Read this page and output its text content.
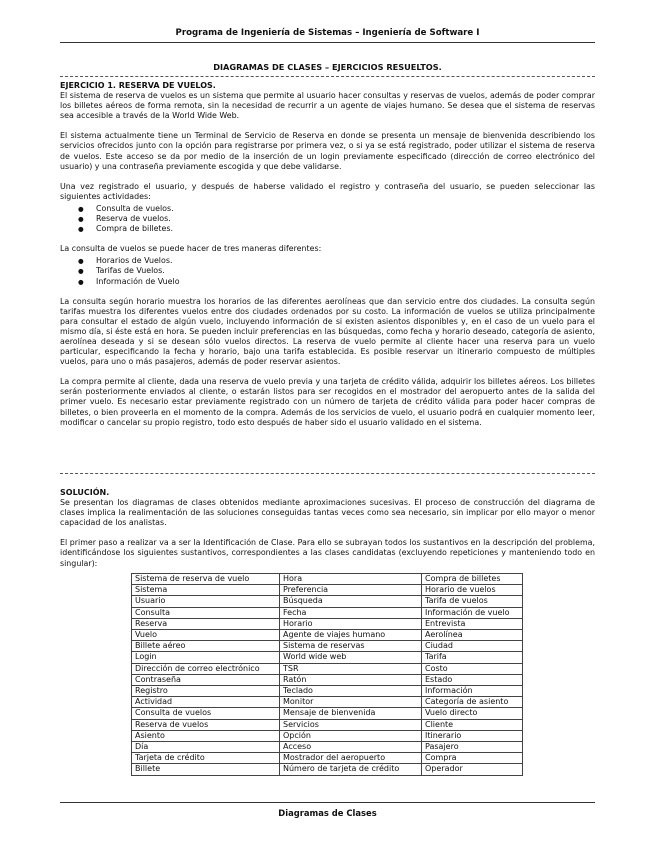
Programa de Ingeniería de Sistemas – Ingeniería de Software I
DIAGRAMAS DE CLASES – EJERCICIOS RESUELTOS.
EJERCICIO 1. RESERVA DE VUELOS.

El sistema de reserva de vuelos es un sistema que permite al usuario hacer consultas y reservas de vuelos, además de poder comprar los billetes aéreos de forma remota, sin la necesidad de recurrir a un agente de viajes humano. Se desea que el sistema de reservas sea accesible a través de la World Wide Web.

El sistema actualmente tiene un Terminal de Servicio de Reserva en donde se presenta un mensaje de bienvenida describiendo los servicios ofrecidos junto con la opción para registrarse por primera vez, o si ya se está registrado, poder utilizar el sistema de reserva de vuelos. Este acceso se da por medio de la inserción de un login previamente especificado (dirección de correo electrónico del usuario) y una contraseña previamente escogida y que debe validarse.

Una vez registrado el usuario, y después de haberse validado el registro y contraseña del usuario, se pueden seleccionar las siguientes actividades:

● Consulta de vuelos.
● Reserva de vuelos.
● Compra de billetes.

La consulta de vuelos se puede hacer de tres maneras diferentes:

● Horarios de Vuelos.
● Tarifas de Vuelos.
● Información de Vuelo

La consulta según horario muestra los horarios de las diferentes aerolíneas que dan servicio entre dos ciudades. La consulta según tarifas muestra los diferentes vuelos entre dos ciudades ordenados por su costo. La información de vuelos se utiliza principalmente para consultar el estado de algún vuelo, incluyendo información de si existen asientos disponibles y, en el caso de un vuelo para el mismo día, si éste está en hora. Se pueden incluir preferencias en las búsquedas, como fecha y horario deseado, categoría de asiento, aerolínea deseada y si se desean sólo vuelos directos. La reserva de vuelo permite al cliente hacer una reserva para un vuelo particular, especificando la fecha y horario, bajo una tarifa establecida. Es posible reservar un itinerario compuesto de múltiples vuelos, para uno o más pasajeros, además de poder reservar asientos.

La compra permite al cliente, dada una reserva de vuelo previa y una tarjeta de crédito válida, adquirir los billetes aéreos. Los billetes serán posteriormente enviados al cliente, o estarán listos para ser recogidos en el mostrador del aeropuerto antes de la salida del primer vuelo. Es necesario estar previamente registrado con un número de tarjeta de crédito válida para poder hacer compras de billetes, o bien proveerla en el momento de la compra. Además de los servicios de vuelo, el usuario podrá en cualquier momento leer, modificar o cancelar su propio registro, todo esto después de haber sido el usuario validado en el sistema.

SOLUCIÓN.

Se presentan los diagramas de clases obtenidos mediante aproximaciones sucesivas. El proceso de construcción del diagrama de clases implica la realimentación de las soluciones conseguidas tantas veces como sea necesario, sin implicar por ello mayor o menor capacidad de los analistas.

El primer paso a realizar va a ser la Identificación de Clase. Para ello se subrayan todos los sustantivos en la descripción del problema, identificándose los siguientes sustantivos, correspondientes a las clases candidatas (excluyendo repeticiones y manteniendo todo en singular):

Sistema de reserva de vuelo	Hora	Compra de billetes
Sistema	Preferencia	Horario de vuelos
Usuario	Búsqueda	Tarifa de vuelos
Consulta	Fecha	Información de vuelo
Reserva	Horario	Entrevista
Vuelo	Agente de viajes humano	Aerolínea
Billete aéreo	Sistema de reservas	Ciudad
Login	World wide web	Tarifa
Dirección de correo electrónico	TSR	Costo
Contraseña	Ratón	Estado
Registro	Teclado	Información
Actividad	Monitor	Categoría de asiento
Consulta de vuelos	Mensaje de bienvenida	Vuelo directo
Reserva de vuelos	Servicios	Cliente
Asiento	Opción	Itinerario
Día	Acceso	Pasajero
Tarjeta de crédito	Mostrador del aeropuerto	Compra
Billete	Número de tarjeta de crédito	Operador
Diagramas de Clases
